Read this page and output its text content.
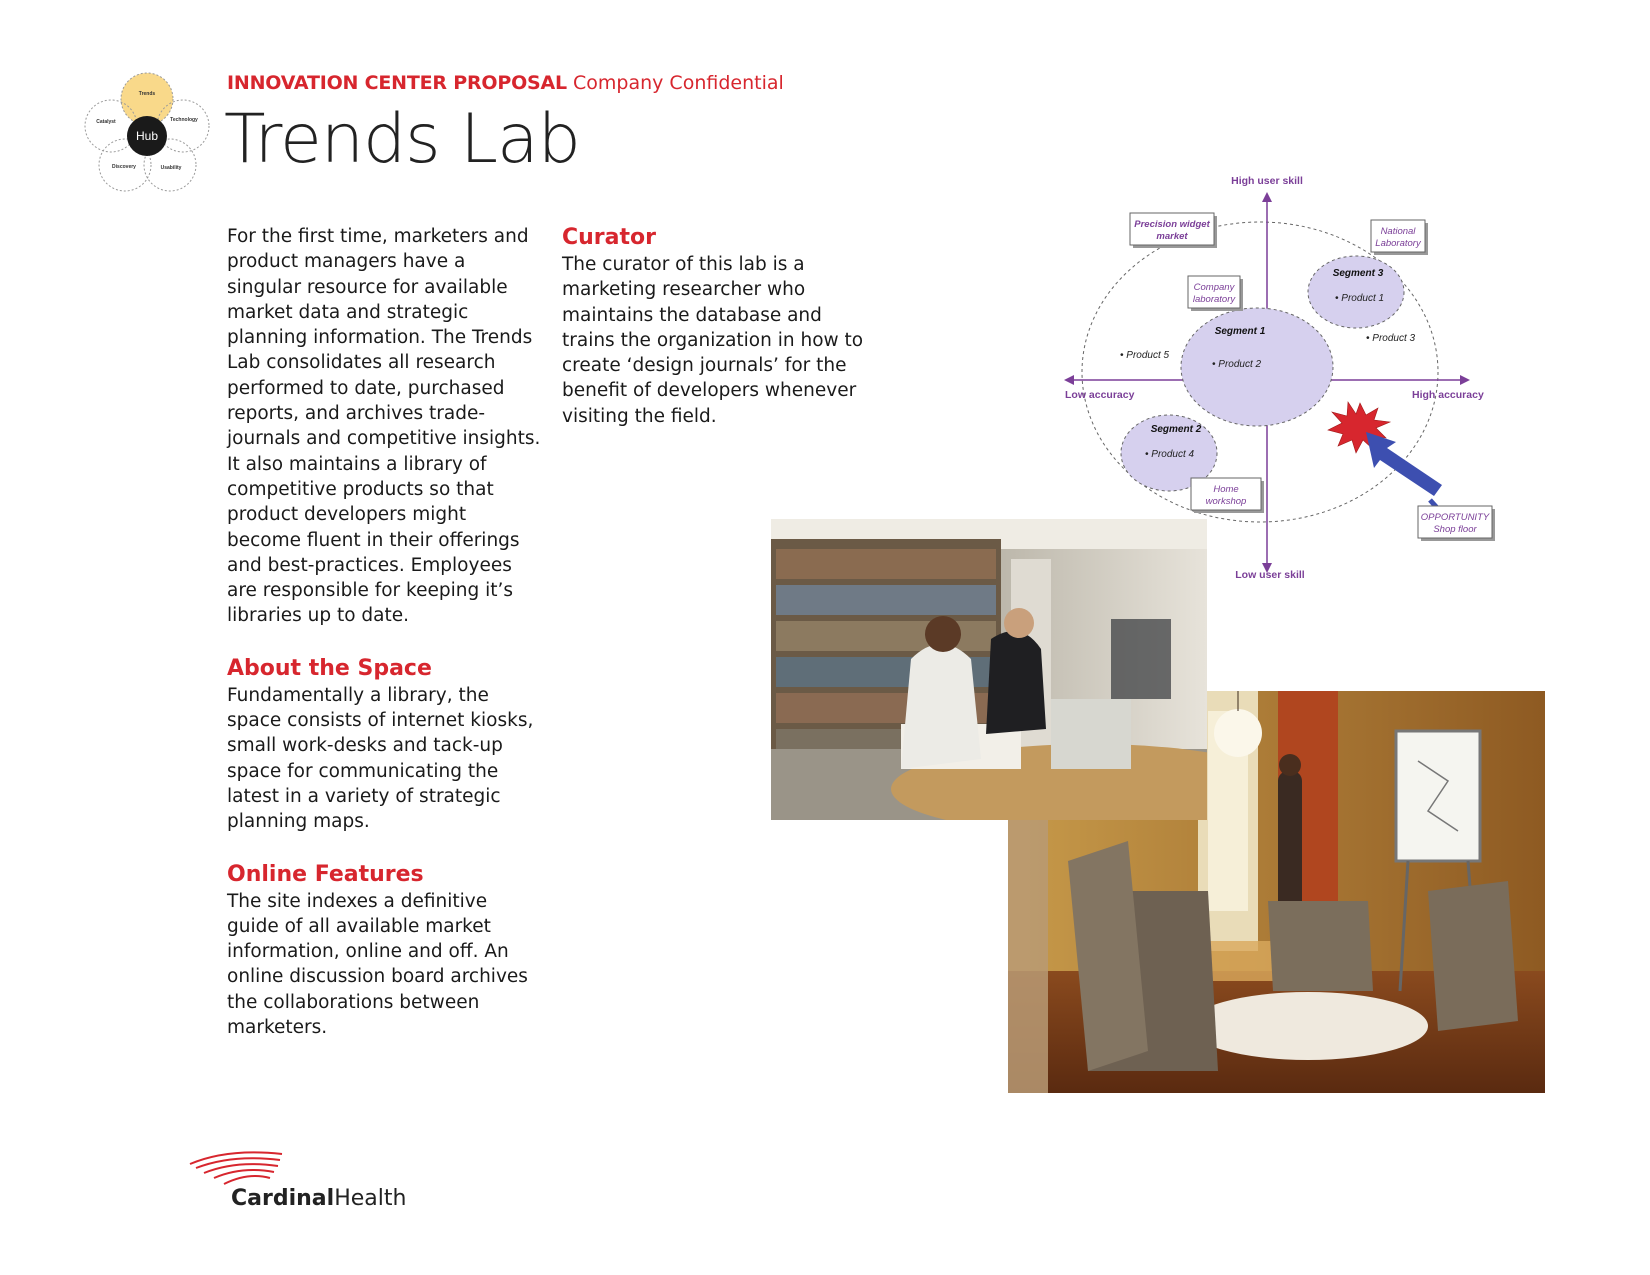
Hub
Trends
Technology
Usability
Discovery
Catalyst
INNOVATION CENTER PROPOSAL Company Confidential
Trends Lab

For the first time, marketers and product managers have a singular resource for available market data and strategic planning information. The Trends Lab consolidates all research performed to date, purchased reports, and archives trade-journals and competitive insights. It also maintains a library of competitive products so that product developers might become fluent in their offerings and best-practices. Employees are responsible for keeping it’s libraries up to date.

About the Space

Fundamentally a library, the space consists of internet kiosks, small work-desks and tack-up space for communicating the latest in a variety of strategic planning maps.

Online Features

The site indexes a definitive guide of all available market information, online and off. An online discussion board archives the collaborations between marketers.

Curator

The curator of this lab is a marketing researcher who maintains the database and trains the organization in how to create ‘design journals’ for the benefit of developers whenever visiting the field.

High user skill
Low user skill
Low accuracy	High accuracy
Segment 1
Segment 3
Segment 2
• Product 1
• Product 2
• Product 3
• Product 4
• Product 5
Precision widget
market	National
Laboratory
Company
laboratory
Home
workshop
OPPORTUNITY
Shop floor
CardinalHealth
